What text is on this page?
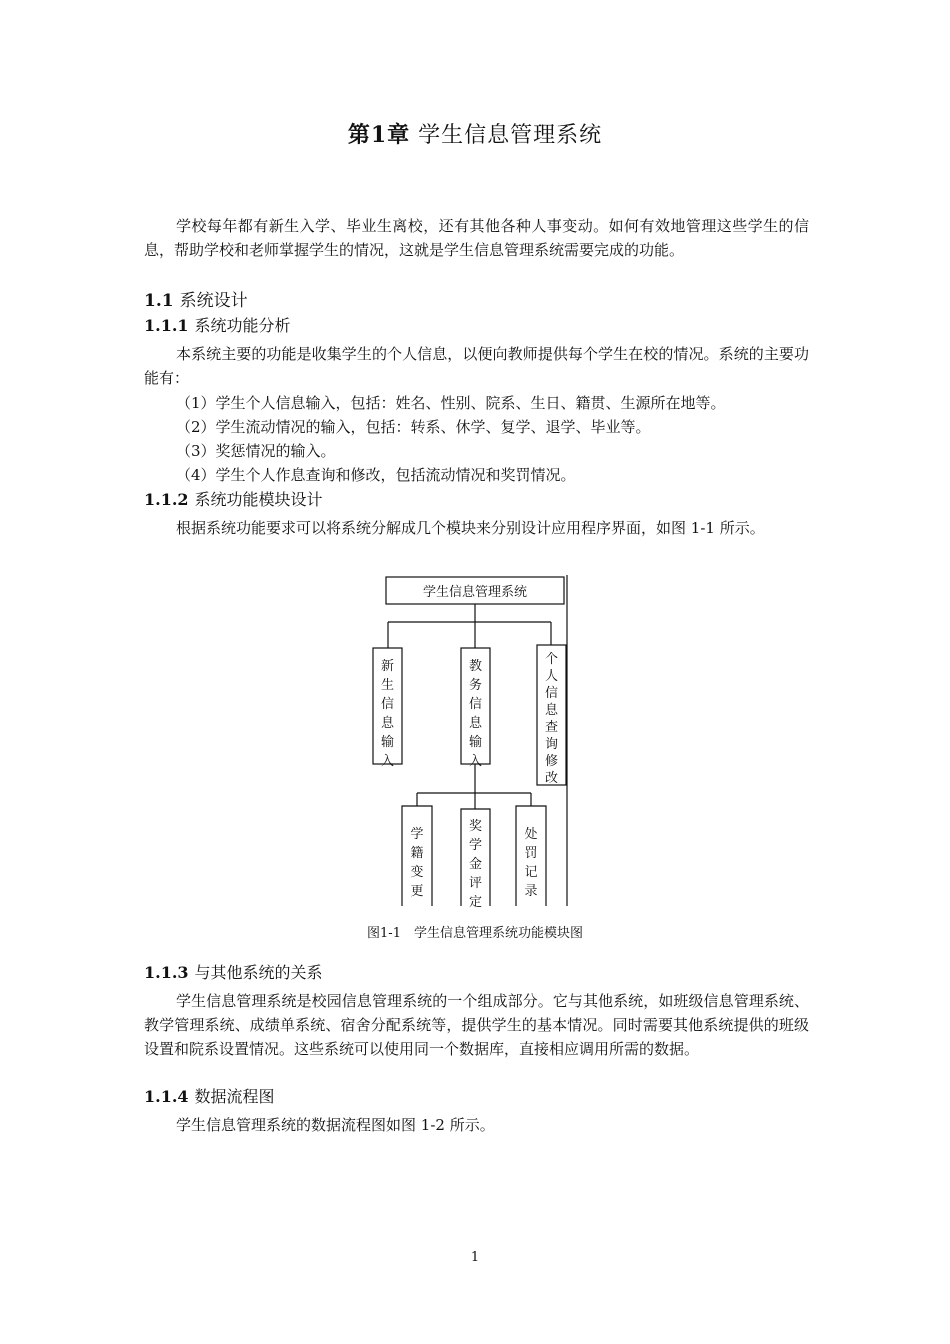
第1章 学生信息管理系统

学校每年都有新生入学、毕业生离校，还有其他各种人事变动。如何有效地管理这些学生的信息，帮助学校和老师掌握学生的情况，这就是学生信息管理系统需要完成的功能。

1.1 系统设计
1.1.1 系统功能分析

本系统主要的功能是收集学生的个人信息，以便向教师提供每个学生在校的情况。系统的主要功能有：

（1）学生个人信息输入，包括：姓名、性别、院系、生日、籍贯、生源所在地等。

（2）学生流动情况的输入，包括：转系、休学、复学、退学、毕业等。

（3）奖惩情况的输入。

（4）学生个人作息查询和修改，包括流动情况和奖罚情况。

1.1.2 系统功能模块设计

根据系统功能要求可以将系统分解成几个模块来分别设计应用程序界面，如图 1-1 所示。

学生信息管理系统
新生信息输入
教务信息输入
个人信息查询修改
学籍变更
奖学金评定
处罚记录
图1-1　学生信息管理系统功能模块图
1.1.3 与其他系统的关系

学生信息管理系统是校园信息管理系统的一个组成部分。它与其他系统，如班级信息管理系统、教学管理系统、成绩单系统、宿舍分配系统等，提供学生的基本情况。同时需要其他系统提供的班级设置和院系设置情况。这些系统可以使用同一个数据库，直接相应调用所需的数据。

1.1.4 数据流程图

学生信息管理系统的数据流程图如图 1-2 所示。

1
